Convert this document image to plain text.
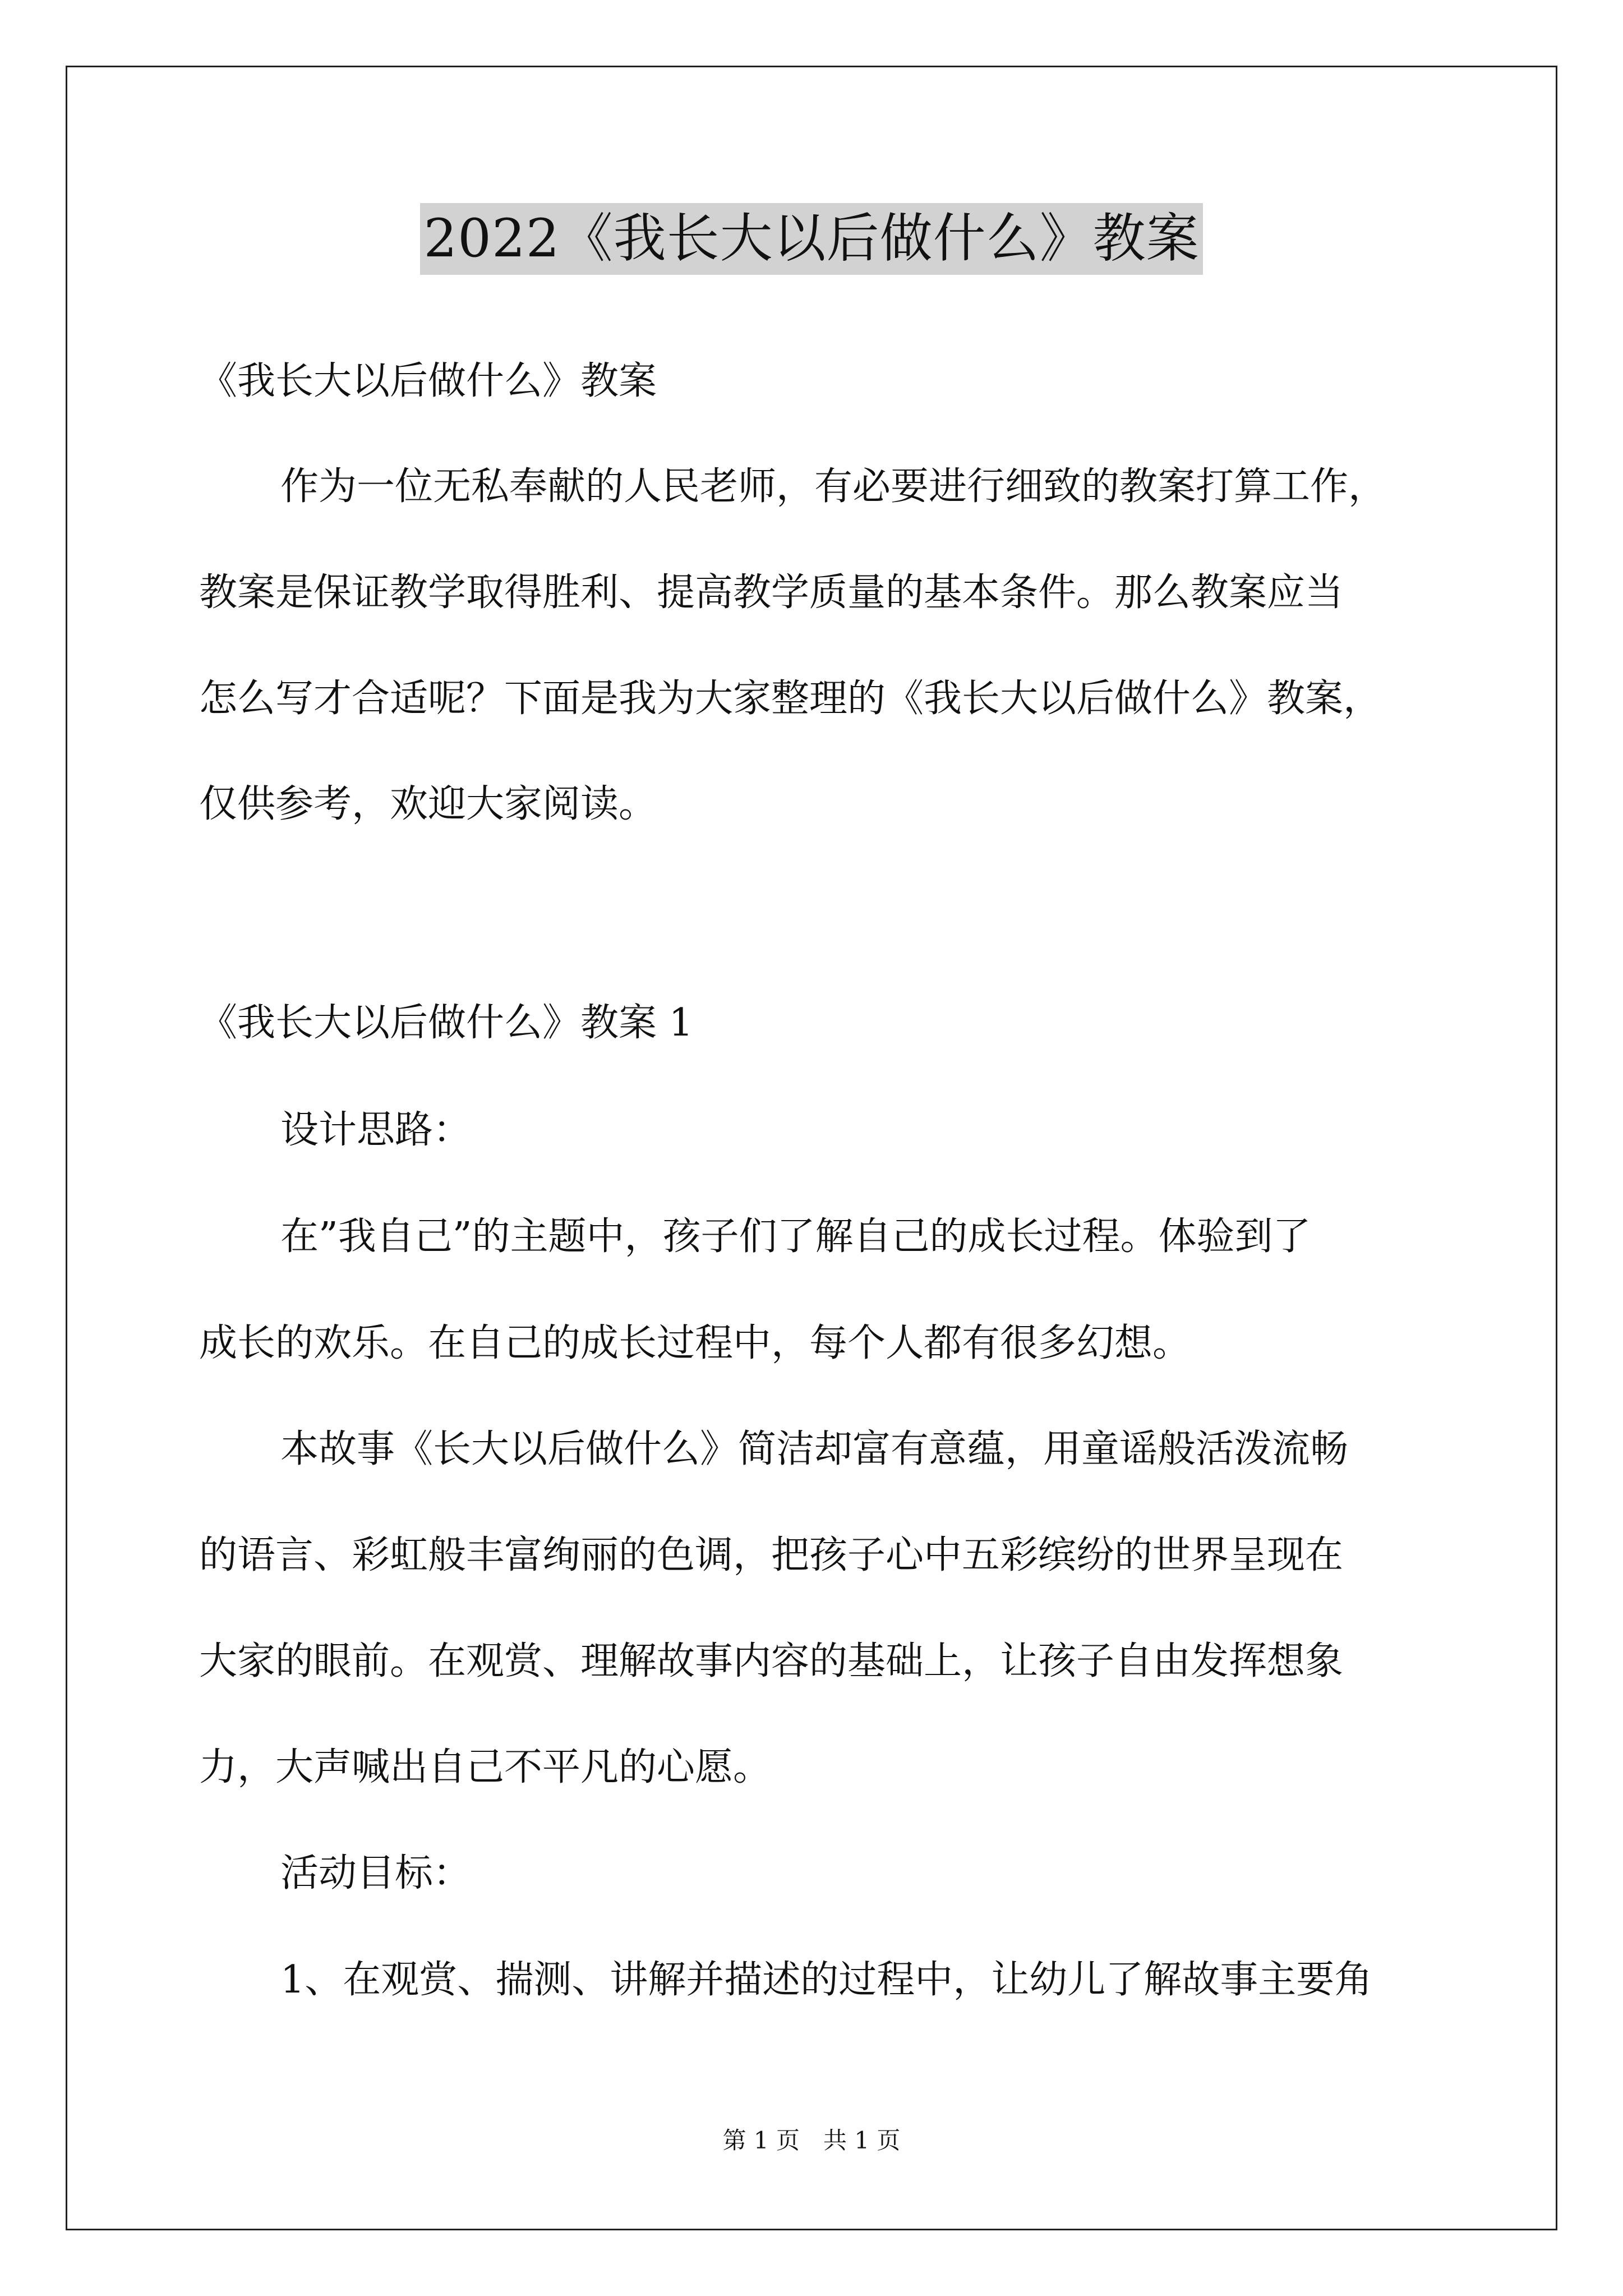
2022《我长大以后做什么》教案
《我长大以后做什么》教案
作为一位无私奉献的人民老师，有必要进行细致的教案打算工作，
教案是保证教学取得胜利、提高教学质量的基本条件。那么教案应当
怎么写才合适呢？下面是我为大家整理的《我长大以后做什么》教案，
仅供参考，欢迎大家阅读。
《我长大以后做什么》教案 1
设计思路：
在”我自己”的主题中，孩子们了解自己的成长过程。体验到了
成长的欢乐。在自己的成长过程中，每个人都有很多幻想。
本故事《长大以后做什么》简洁却富有意蕴，用童谣般活泼流畅
的语言、彩虹般丰富绚丽的色调，把孩子心中五彩缤纷的世界呈现在
大家的眼前。在观赏、理解故事内容的基础上，让孩子自由发挥想象
力，大声喊出自己不平凡的心愿。
活动目标：
1、在观赏、揣测、讲解并描述的过程中，让幼儿了解故事主要角
第 1 页　共 1 页
